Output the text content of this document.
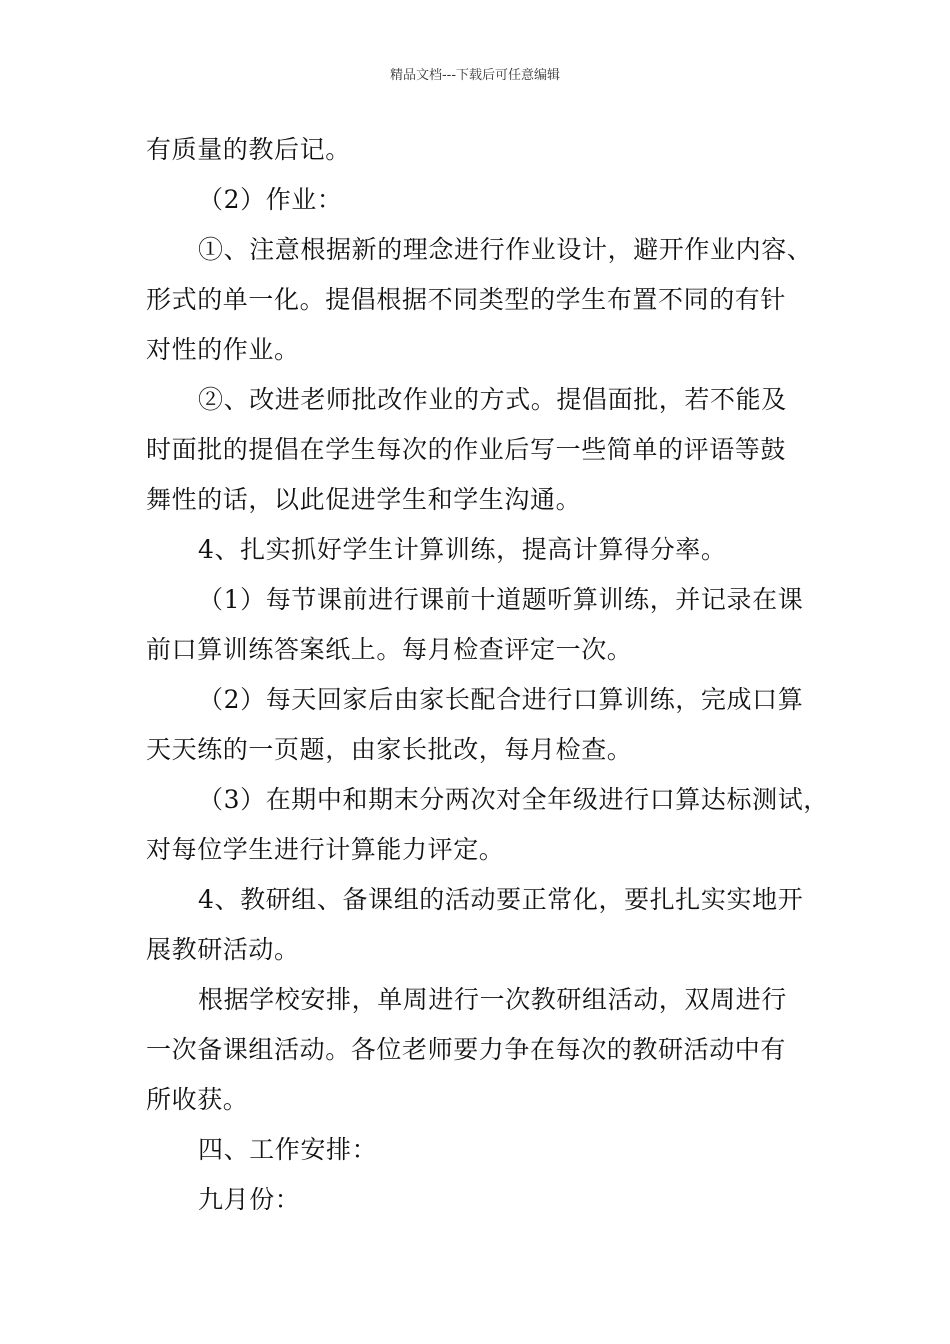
精品文档---下载后可任意编辑
有质量的教后记。
（2）作业：
①、注意根据新的理念进行作业设计，避开作业内容、
形式的单一化。提倡根据不同类型的学生布置不同的有针
对性的作业。
②、改进老师批改作业的方式。提倡面批，若不能及
时面批的提倡在学生每次的作业后写一些简单的评语等鼓
舞性的话，以此促进学生和学生沟通。
4、扎实抓好学生计算训练，提高计算得分率。
（1）每节课前进行课前十道题听算训练，并记录在课
前口算训练答案纸上。每月检查评定一次。
（2）每天回家后由家长配合进行口算训练，完成口算
天天练的一页题，由家长批改，每月检查。
（3）在期中和期末分两次对全年级进行口算达标测试，
对每位学生进行计算能力评定。
4、教研组、备课组的活动要正常化，要扎扎实实地开
展教研活动。
根据学校安排，单周进行一次教研组活动，双周进行
一次备课组活动。各位老师要力争在每次的教研活动中有
所收获。
四、工作安排：
九月份：
